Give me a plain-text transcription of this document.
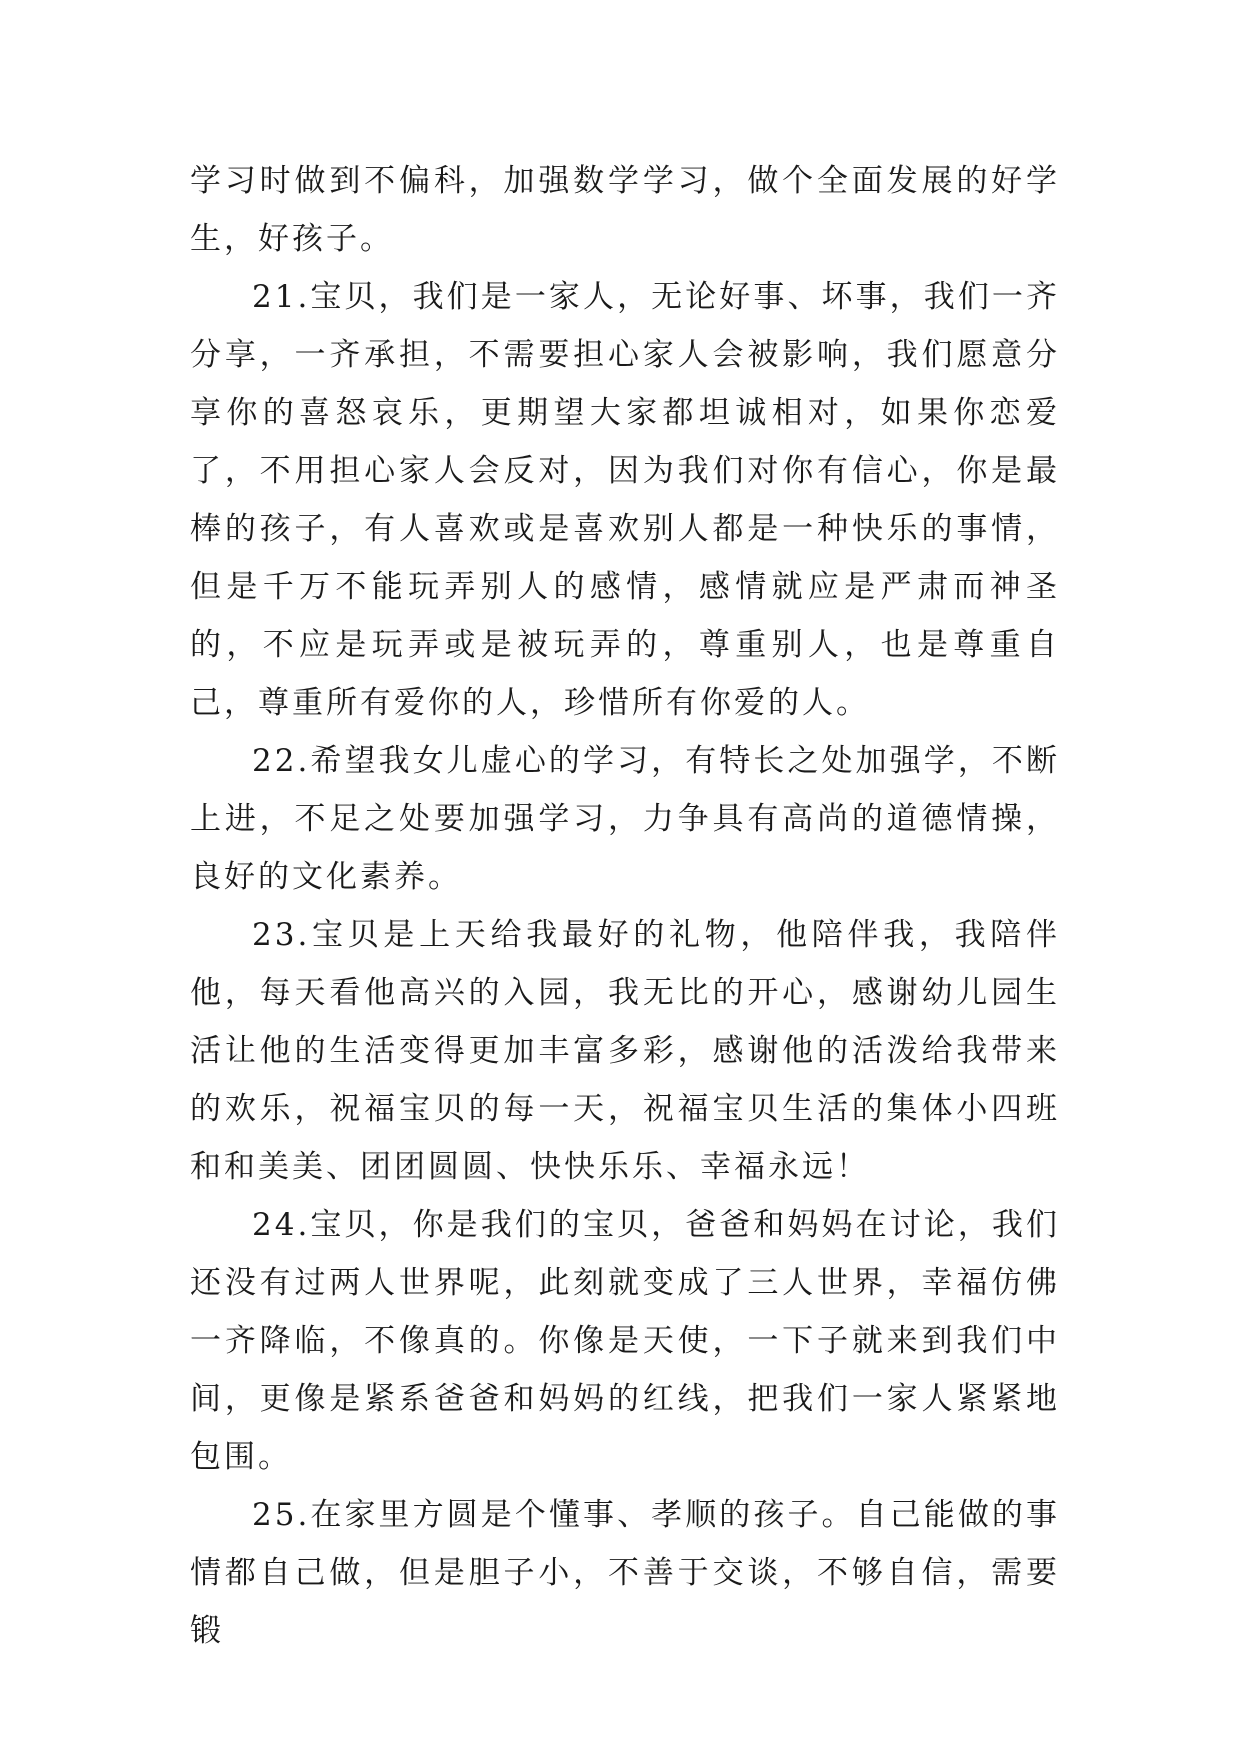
学习时做到不偏科，加强数学学习，做个全面发展的好学生，好孩子。

21.宝贝，我们是一家人，无论好事、坏事，我们一齐分享，一齐承担，不需要担心家人会被影响，我们愿意分享你的喜怒哀乐，更期望大家都坦诚相对，如果你恋爱了，不用担心家人会反对，因为我们对你有信心，你是最棒的孩子，有人喜欢或是喜欢别人都是一种快乐的事情，但是千万不能玩弄别人的感情，感情就应是严肃而神圣的，不应是玩弄或是被玩弄的，尊重别人，也是尊重自己，尊重所有爱你的人，珍惜所有你爱的人。

22.希望我女儿虚心的学习，有特长之处加强学，不断上进，不足之处要加强学习，力争具有高尚的道德情操，良好的文化素养。

23.宝贝是上天给我最好的礼物，他陪伴我，我陪伴他，每天看他高兴的入园，我无比的开心，感谢幼儿园生活让他的生活变得更加丰富多彩，感谢他的活泼给我带来的欢乐，祝福宝贝的每一天，祝福宝贝生活的集体小四班和和美美、团团圆圆、快快乐乐、幸福永远！

24.宝贝，你是我们的宝贝，爸爸和妈妈在讨论，我们还没有过两人世界呢，此刻就变成了三人世界，幸福仿佛一齐降临，不像真的。你像是天使，一下子就来到我们中间，更像是紧系爸爸和妈妈的红线，把我们一家人紧紧地包围。

25.在家里方圆是个懂事、孝顺的孩子。自己能做的事情都自己做，但是胆子小，不善于交谈，不够自信，需要锻
